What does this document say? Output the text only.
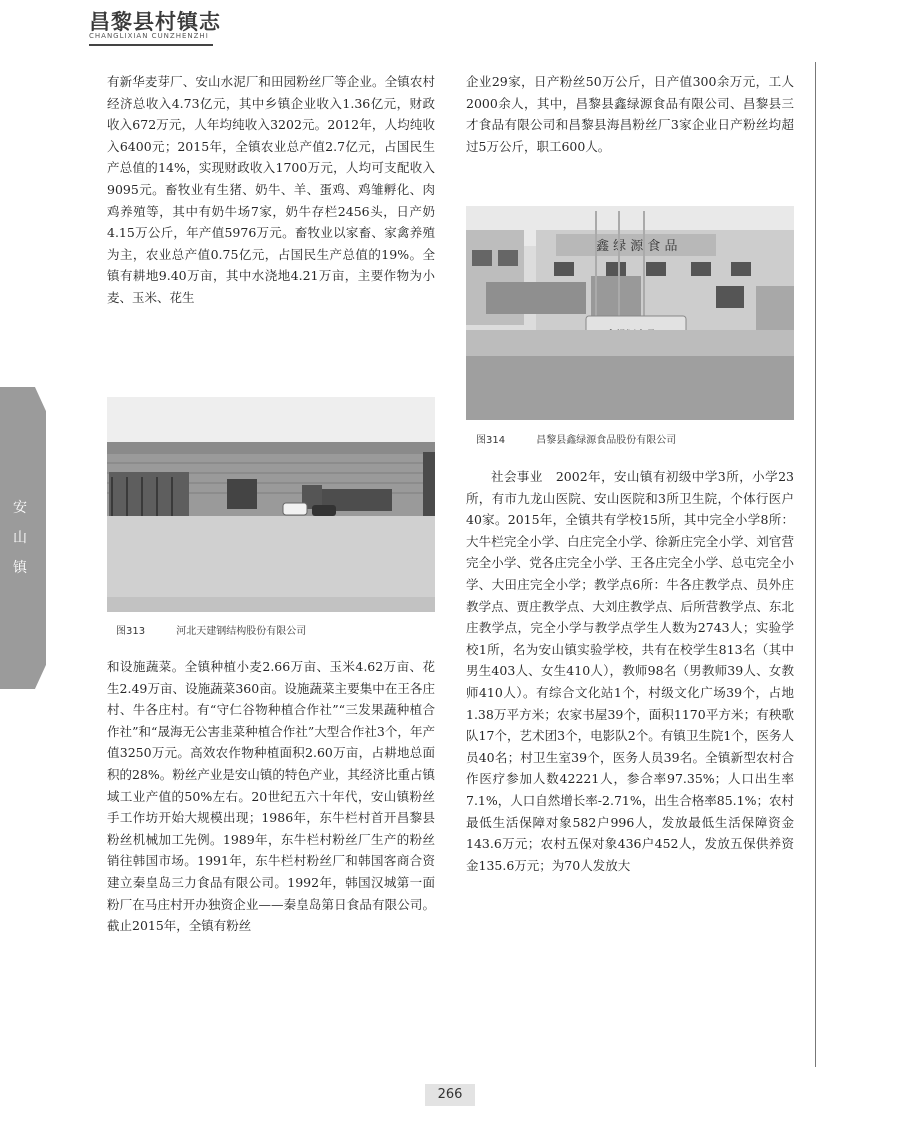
昌黎县村镇志
CHANGLIXIAN CUNZHENZHI
安
山
镇

有新华麦芽厂、安山水泥厂和田园粉丝厂等企业。全镇农村经济总收入4.73亿元，其中乡镇企业收入1.36亿元，财政收入672万元，人年均纯收入3202元。2012年，人均纯收入6400元；2015年，全镇农业总产值2.7亿元，占国民生产总值的14%，实现财政收入1700万元，人均可支配收入9095元。畜牧业有生猪、奶牛、羊、蛋鸡、鸡雏孵化、肉鸡养殖等，其中有奶牛场7家，奶牛存栏2456头，日产奶4.15万公斤，年产值5976万元。畜牧业以家畜、家禽养殖为主，农业总产值0.75亿元，占国民生产总值的19%。全镇有耕地9.40万亩，其中水浇地4.21万亩，主要作物为小麦、玉米、花生

图313	河北天建钢结构股份有限公司

和设施蔬菜。全镇种植小麦2.66万亩、玉米4.62万亩、花生2.49万亩、设施蔬菜360亩。设施蔬菜主要集中在王各庄村、牛各庄村。有“守仁谷物种植合作社”“三发果蔬种植合作社”和“晟海无公害韭菜种植合作社”大型合作社3个，年产值3250万元。高效农作物种植面积2.60万亩，占耕地总面积的28%。粉丝产业是安山镇的特色产业，其经济比重占镇域工业产值的50%左右。20世纪五六十年代，安山镇粉丝手工作坊开始大规模出现；1986年，东牛栏村首开昌黎县粉丝机械加工先例。1989年，东牛栏村粉丝厂生产的粉丝销往韩国市场。1991年，东牛栏村粉丝厂和韩国客商合资建立秦皇岛三力食品有限公司。1992年，韩国汉城第一面粉厂在马庄村开办独资企业——秦皇岛第日食品有限公司。截止2015年，全镇有粉丝

企业29家，日产粉丝50万公斤，日产值300余万元，工人2000余人，其中，昌黎县鑫绿源食品有限公司、昌黎县三才食品有限公司和昌黎县海昌粉丝厂3家企业日产粉丝均超过5万公斤，职工600人。

鑫 绿 源 食 品
图314	昌黎县鑫绿源食品股份有限公司

社会事业　2002年，安山镇有初级中学3所，小学23所，有市九龙山医院、安山医院和3所卫生院，个体行医户40家。2015年，全镇共有学校15所，其中完全小学8所：大牛栏完全小学、白庄完全小学、徐新庄完全小学、刘官营完全小学、党各庄完全小学、王各庄完全小学、总屯完全小学、大田庄完全小学；教学点6所：牛各庄教学点、员外庄教学点、贾庄教学点、大刘庄教学点、后所营教学点、东北庄教学点，完全小学与教学点学生人数为2743人；实验学校1所，名为安山镇实验学校，共有在校学生813名（其中男生403人、女生410人），教师98名（男教师39人、女教师410人）。有综合文化站1个，村级文化广场39个，占地1.38万平方米；农家书屋39个，面积1170平方米；有秧歌队17个，艺术团3个，电影队2个。有镇卫生院1个，医务人员40名；村卫生室39个，医务人员39名。全镇新型农村合作医疗参加人数42221人，参合率97.35%；人口出生率7.1%，人口自然增长率-2.71%，出生合格率85.1%；农村最低生活保障对象582户996人，发放最低生活保障资金143.6万元；农村五保对象436户452人，发放五保供养资金135.6万元；为70人发放大

266
